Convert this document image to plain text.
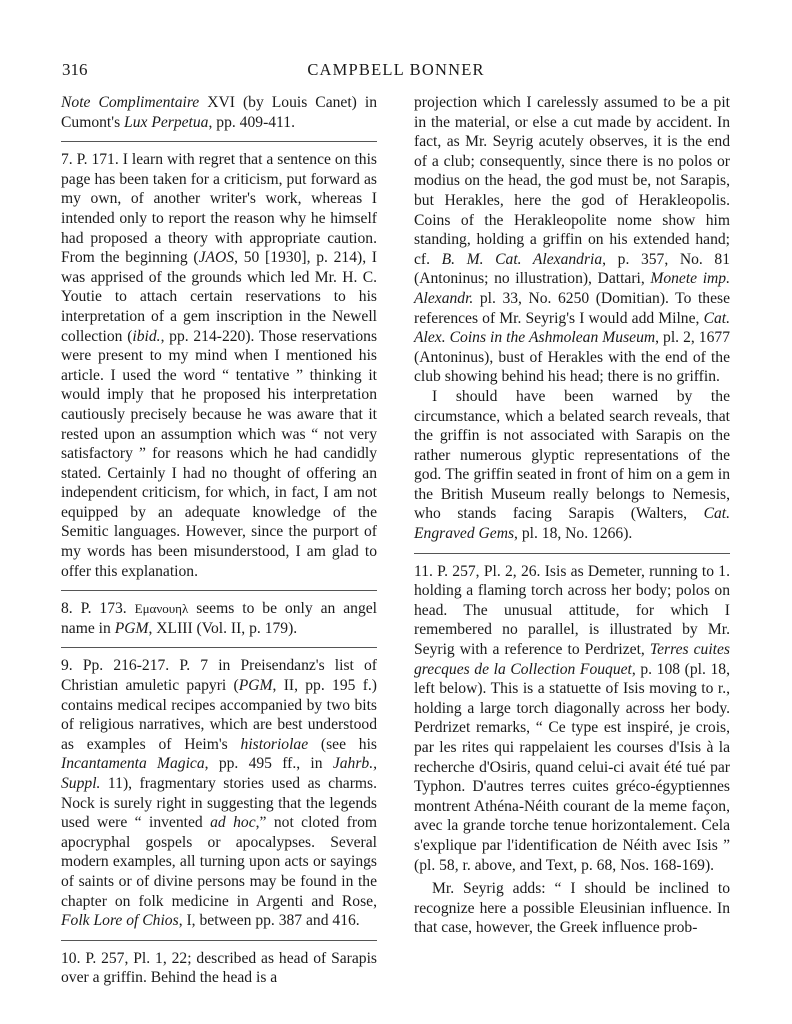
316	CAMPBELL BONNER

Note Complimentaire XVI (by Louis Canet) in Cumont's Lux Perpetua, pp. 409-411.

7. P. 171. I learn with regret that a sentence on this page has been taken for a criticism, put forward as my own, of another writer's work, whereas I intended only to report the reason why he himself had proposed a theory with appropriate caution. From the beginning (JAOS, 50 [1930], p. 214), I was apprised of the grounds which led Mr. H. C. Youtie to attach certain reservations to his interpretation of a gem inscription in the Newell collection (ibid., pp. 214-220). Those reservations were present to my mind when I mentioned his article. I used the word “ tentative ” thinking it would imply that he proposed his interpretation cautiously precisely because he was aware that it rested upon an assumption which was “ not very satisfactory ” for reasons which he had candidly stated. Certainly I had no thought of offering an independent criticism, for which, in fact, I am not equipped by an adequate knowledge of the Semitic languages. However, since the purport of my words has been misunderstood, I am glad to offer this explanation.

8. P. 173. Εμανουηλ seems to be only an angel name in PGM, XLIII (Vol. II, p. 179).

9. Pp. 216-217. P. 7 in Preisendanz's list of Christian amuletic papyri (PGM, II, pp. 195 f.) contains medical recipes accompanied by two bits of religious narratives, which are best understood as examples of Heim's historiolae (see his Incantamenta Magica, pp. 495 ff., in Jahrb., Suppl. 11), fragmentary stories used as charms. Nock is surely right in suggesting that the legends used were “ invented ad hoc,” not cloted from apocryphal gospels or apocalypses. Several modern examples, all turning upon acts or sayings of saints or of divine persons may be found in the chapter on folk medicine in Argenti and Rose, Folk Lore of Chios, I, between pp. 387 and 416.

10. P. 257, Pl. 1, 22; described as head of Sarapis over a griffin. Behind the head is a

projection which I carelessly assumed to be a pit in the material, or else a cut made by accident. In fact, as Mr. Seyrig acutely observes, it is the end of a club; consequently, since there is no polos or modius on the head, the god must be, not Sarapis, but Herakles, here the god of Herakleopolis. Coins of the Herakleopolite nome show him standing, holding a griffin on his extended hand; cf. B. M. Cat. Alexandria, p. 357, No. 81 (Antoninus; no illustration), Dattari, Monete imp. Alexandr. pl. 33, No. 6250 (Domitian). To these references of Mr. Seyrig's I would add Milne, Cat. Alex. Coins in the Ashmolean Museum, pl. 2, 1677 (Antoninus), bust of Herakles with the end of the club showing behind his head; there is no griffin.

I should have been warned by the circumstance, which a belated search reveals, that the griffin is not associated with Sarapis on the rather numerous glyptic representations of the god. The griffin seated in front of him on a gem in the British Museum really belongs to Nemesis, who stands facing Sarapis (Walters, Cat. Engraved Gems, pl. 18, No. 1266).

11. P. 257, Pl. 2, 26. Isis as Demeter, running to 1. holding a flaming torch across her body; polos on head. The unusual attitude, for which I remembered no parallel, is illustrated by Mr. Seyrig with a reference to Perdrizet, Terres cuites grecques de la Collection Fouquet, p. 108 (pl. 18, left below). This is a statuette of Isis moving to r., holding a large torch diagonally across her body. Perdrizet remarks, “ Ce type est inspiré, je crois, par les rites qui rappelaient les courses d'Isis à la recherche d'Osiris, quand celui-ci avait été tué par Typhon. D'autres terres cuites gréco-égyptiennes montrent Athéna-Néith courant de la meme façon, avec la grande torche tenue horizontalement. Cela s'explique par l'identification de Néith avec Isis ” (pl. 58, r. above, and Text, p. 68, Nos. 168-169).

Mr. Seyrig adds: “ I should be inclined to recognize here a possible Eleusinian influence. In that case, however, the Greek influence prob-
